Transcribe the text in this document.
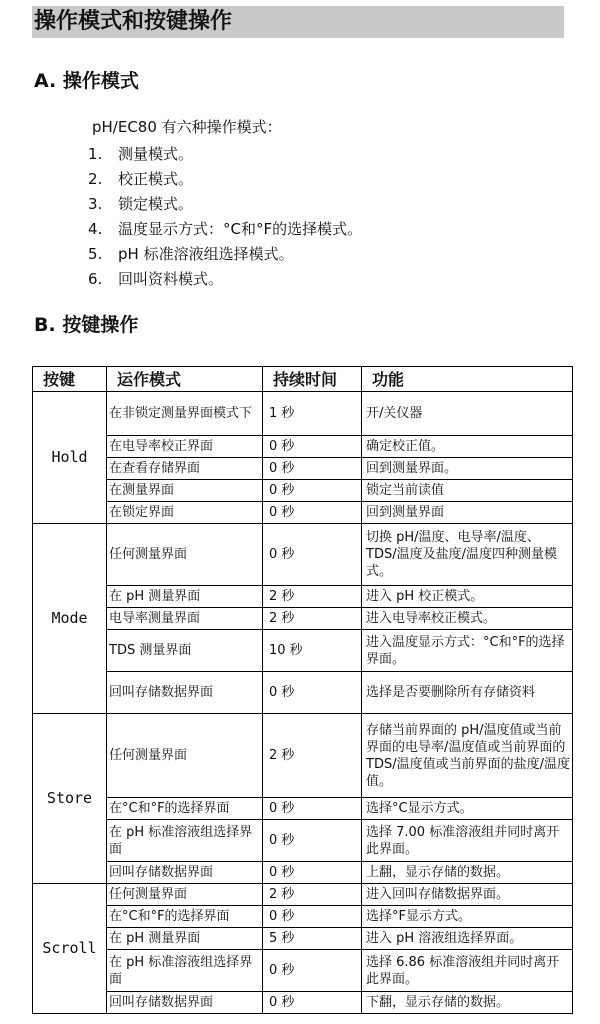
操作模式和按键操作
A. 操作模式
pH/EC80 有六种操作模式：
1. 测量模式。
2. 校正模式。
3. 锁定模式。
4. 温度显示方式：°C和°F的选择模式。
5. pH 标准溶液组选择模式。
6. 回叫资料模式。
B. 按键操作
按键	运作模式	持续时间	功能
Hold	在非锁定测量界面模式下	1 秒	开/关仪器
	在电导率校正界面	0 秒	确定校正值。
	在查看存储界面	0 秒	回到测量界面。
	在测量界面	0 秒	锁定当前读值
	在锁定界面	0 秒	回到测量界面
Mode	任何测量界面	0 秒	切换 pH/温度、电导率/温度、TDS/温度及盐度/温度四种测量模式。
	在 pH 测量界面	2 秒	进入 pH 校正模式。
	电导率测量界面	2 秒	进入电导率校正模式。
	TDS 测量界面	10 秒	进入温度显示方式：°C和°F的选择界面。
	回叫存储数据界面	0 秒	选择是否要删除所有存储资料
Store	任何测量界面	2 秒	存储当前界面的 pH/温度值或当前界面的电导率/温度值或当前界面的 TDS/温度值或当前界面的盐度/温度值。
	在°C和°F的选择界面	0 秒	选择°C显示方式。
	在 pH 标准溶液组选择界面	0 秒	选择 7.00 标准溶液组并同时离开此界面。
	回叫存储数据界面	0 秒	上翻，显示存储的数据。
Scroll	任何测量界面	2 秒	进入回叫存储数据界面。
	在°C和°F的选择界面	0 秒	选择°F显示方式。
	在 pH 测量界面	5 秒	进入 pH 溶液组选择界面。
	在 pH 标准溶液组选择界面	0 秒	选择 6.86 标准溶液组并同时离开此界面。
	回叫存储数据界面	0 秒	下翻，显示存储的数据。
